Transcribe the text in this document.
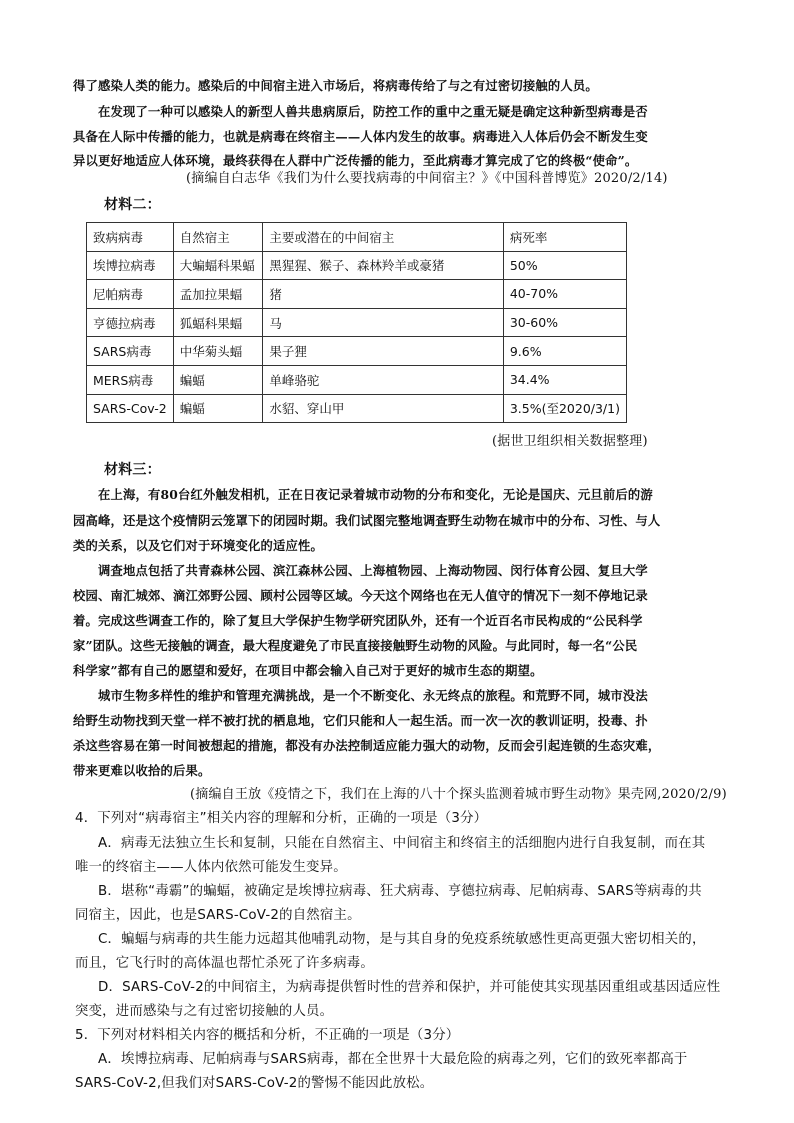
得了感染人类的能力。感染后的中间宿主进入市场后，将病毒传给了与之有过密切接触的人员。
在发现了一种可以感染人的新型人兽共患病原后，防控工作的重中之重无疑是确定这种新型病毒是否
具备在人际中传播的能力，也就是病毒在终宿主——人体内发生的故事。病毒进入人体后仍会不断发生变
异以更好地适应人体环境，最终获得在人群中广泛传播的能力，至此病毒才算完成了它的终极“使命”。
(摘编自白志华《我们为什么要找病毒的中间宿主？》《中国科普博览》2020/2/14)
材料二：
致病病毒	自然宿主	主要或潜在的中间宿主	病死率
埃博拉病毒	大蝙蝠科果蝠	黑猩猩、猴子、森林羚羊或豪猪	50%
尼帕病毒	孟加拉果蝠	猪	40-70%
亨德拉病毒	狐蝠科果蝠	马	30-60%
SARS病毒	中华菊头蝠	果子狸	9.6%
MERS病毒	蝙蝠	单峰骆驼	34.4%
SARS-Cov-2	蝙蝠	水貂、穿山甲	3.5%(至2020/3/1)
(据世卫组织相关数据整理)
材料三：
在上海，有80台红外触发相机，正在日夜记录着城市动物的分布和变化，无论是国庆、元旦前后的游
园高峰，还是这个疫情阴云笼罩下的闭园时期。我们试图完整地调查野生动物在城市中的分布、习性、与人
类的关系，以及它们对于环境变化的适应性。
调查地点包括了共青森林公园、滨江森林公园、上海植物园、上海动物园、闵行体育公园、复旦大学
校园、南汇城郊、滴江郊野公园、顾村公园等区域。今天这个网络也在无人值守的情况下一刻不停地记录
着。完成这些调查工作的，除了复旦大学保护生物学研究团队外，还有一个近百名市民构成的“公民科学
家”团队。这些无接触的调查，最大程度避免了市民直接接触野生动物的风险。与此同时，每一名“公民
科学家”都有自己的愿望和爱好，在项目中都会输入自己对于更好的城市生态的期望。
城市生物多样性的维护和管理充满挑战，是一个不断变化、永无终点的旅程。和荒野不同，城市没法
给野生动物找到天堂一样不被打扰的栖息地，它们只能和人一起生活。而一次一次的教训证明，投毒、扑
杀这些容易在第一时间被想起的措施，都没有办法控制适应能力强大的动物，反而会引起连锁的生态灾难，
带来更难以收拾的后果。
(摘编自王放《疫情之下，我们在上海的八十个探头监测着城市野生动物》果壳网,2020/2/9)
4．下列对“病毒宿主”相关内容的理解和分析，正确的一项是（3分）
A．病毒无法独立生长和复制，只能在自然宿主、中间宿主和终宿主的活细胞内进行自我复制，而在其
唯一的终宿主——人体内依然可能发生变异。
B．堪称“毒霸”的蝙蝠，被确定是埃博拉病毒、狂犬病毒、亨德拉病毒、尼帕病毒、SARS等病毒的共
同宿主，因此，也是SARS-CoV-2的自然宿主。
C．蝙蝠与病毒的共生能力远超其他哺乳动物，是与其自身的免疫系统敏感性更高更强大密切相关的，
而且，它飞行时的高体温也帮忙杀死了许多病毒。
D．SARS-CoV-2的中间宿主，为病毒提供暂时性的营养和保护，并可能使其实现基因重组或基因适应性
突变，进而感染与之有过密切接触的人员。
5．下列对材料相关内容的概括和分析，不正确的一项是（3分）
A．埃博拉病毒、尼帕病毒与SARS病毒，都在全世界十大最危险的病毒之列，它们的致死率都高于
SARS-CoV-2,但我们对SARS-CoV-2的警惕不能因此放松。
